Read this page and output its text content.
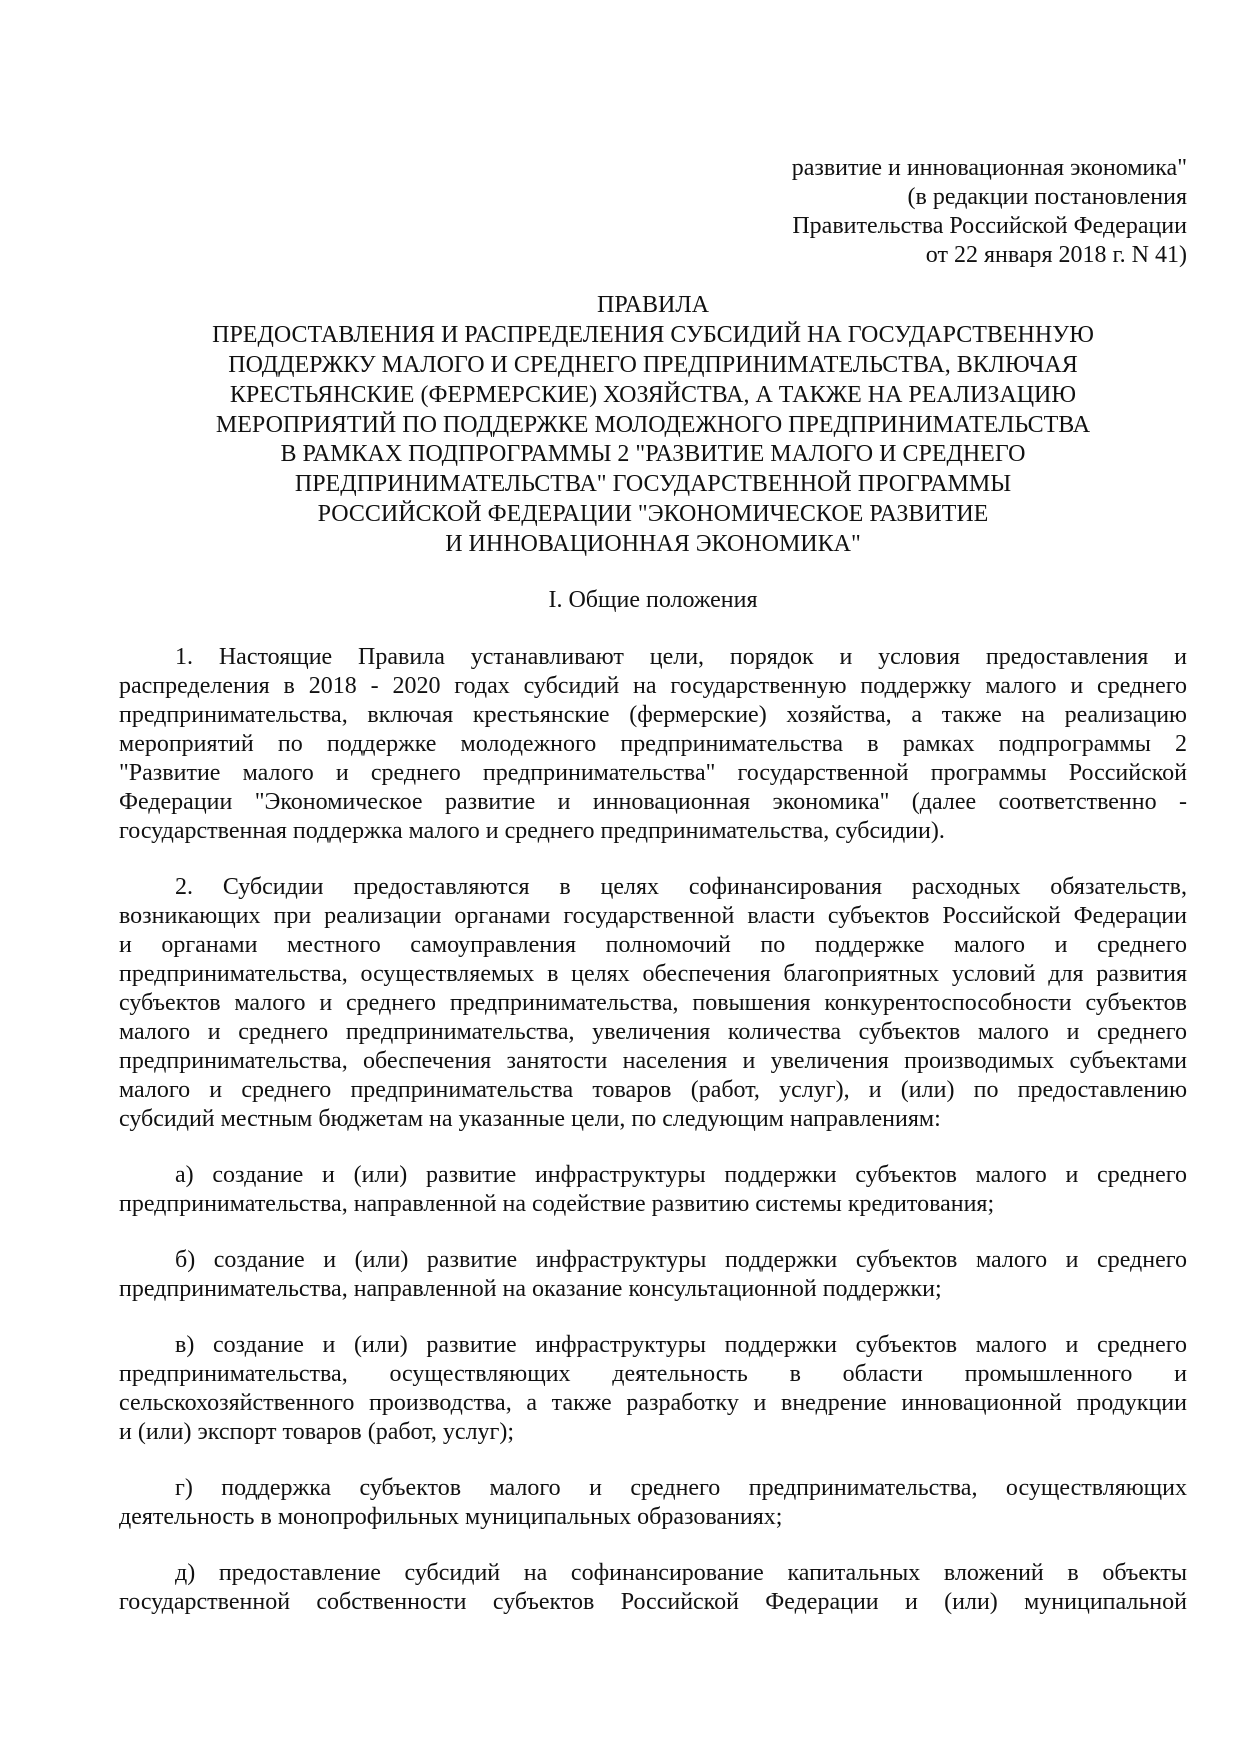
развитие и инновационная экономика"
(в редакции постановления
Правительства Российской Федерации
от 22 января 2018 г. N 41)
ПРАВИЛА
ПРЕДОСТАВЛЕНИЯ И РАСПРЕДЕЛЕНИЯ СУБСИДИЙ НА ГОСУДАРСТВЕННУЮ
ПОДДЕРЖКУ МАЛОГО И СРЕДНЕГО ПРЕДПРИНИМАТЕЛЬСТВА, ВКЛЮЧАЯ
КРЕСТЬЯНСКИЕ (ФЕРМЕРСКИЕ) ХОЗЯЙСТВА, А ТАКЖЕ НА РЕАЛИЗАЦИЮ
МЕРОПРИЯТИЙ ПО ПОДДЕРЖКЕ МОЛОДЕЖНОГО ПРЕДПРИНИМАТЕЛЬСТВА
В РАМКАХ ПОДПРОГРАММЫ 2 "РАЗВИТИЕ МАЛОГО И СРЕДНЕГО
ПРЕДПРИНИМАТЕЛЬСТВА" ГОСУДАРСТВЕННОЙ ПРОГРАММЫ
РОССИЙСКОЙ ФЕДЕРАЦИИ "ЭКОНОМИЧЕСКОЕ РАЗВИТИЕ
И ИННОВАЦИОННАЯ ЭКОНОМИКА"
I. Общие положения
1. Настоящие Правила устанавливают цели, порядок и условия предоставления и
распределения в 2018 - 2020 годах субсидий на государственную поддержку малого и среднего
предпринимательства, включая крестьянские (фермерские) хозяйства, а также на реализацию
мероприятий по поддержке молодежного предпринимательства в рамках подпрограммы 2
"Развитие малого и среднего предпринимательства" государственной программы Российской
Федерации "Экономическое развитие и инновационная экономика" (далее соответственно -
государственная поддержка малого и среднего предпринимательства, субсидии).
2. Субсидии предоставляются в целях софинансирования расходных обязательств,
возникающих при реализации органами государственной власти субъектов Российской Федерации
и органами местного самоуправления полномочий по поддержке малого и среднего
предпринимательства, осуществляемых в целях обеспечения благоприятных условий для развития
субъектов малого и среднего предпринимательства, повышения конкурентоспособности субъектов
малого и среднего предпринимательства, увеличения количества субъектов малого и среднего
предпринимательства, обеспечения занятости населения и увеличения производимых субъектами
малого и среднего предпринимательства товаров (работ, услуг), и (или) по предоставлению
субсидий местным бюджетам на указанные цели, по следующим направлениям:
а) создание и (или) развитие инфраструктуры поддержки субъектов малого и среднего
предпринимательства, направленной на содействие развитию системы кредитования;
б) создание и (или) развитие инфраструктуры поддержки субъектов малого и среднего
предпринимательства, направленной на оказание консультационной поддержки;
в) создание и (или) развитие инфраструктуры поддержки субъектов малого и среднего
предпринимательства, осуществляющих деятельность в области промышленного и
сельскохозяйственного производства, а также разработку и внедрение инновационной продукции
и (или) экспорт товаров (работ, услуг);
г) поддержка субъектов малого и среднего предпринимательства, осуществляющих
деятельность в монопрофильных муниципальных образованиях;
д) предоставление субсидий на софинансирование капитальных вложений в объекты
государственной собственности субъектов Российской Федерации и (или) муниципальной
